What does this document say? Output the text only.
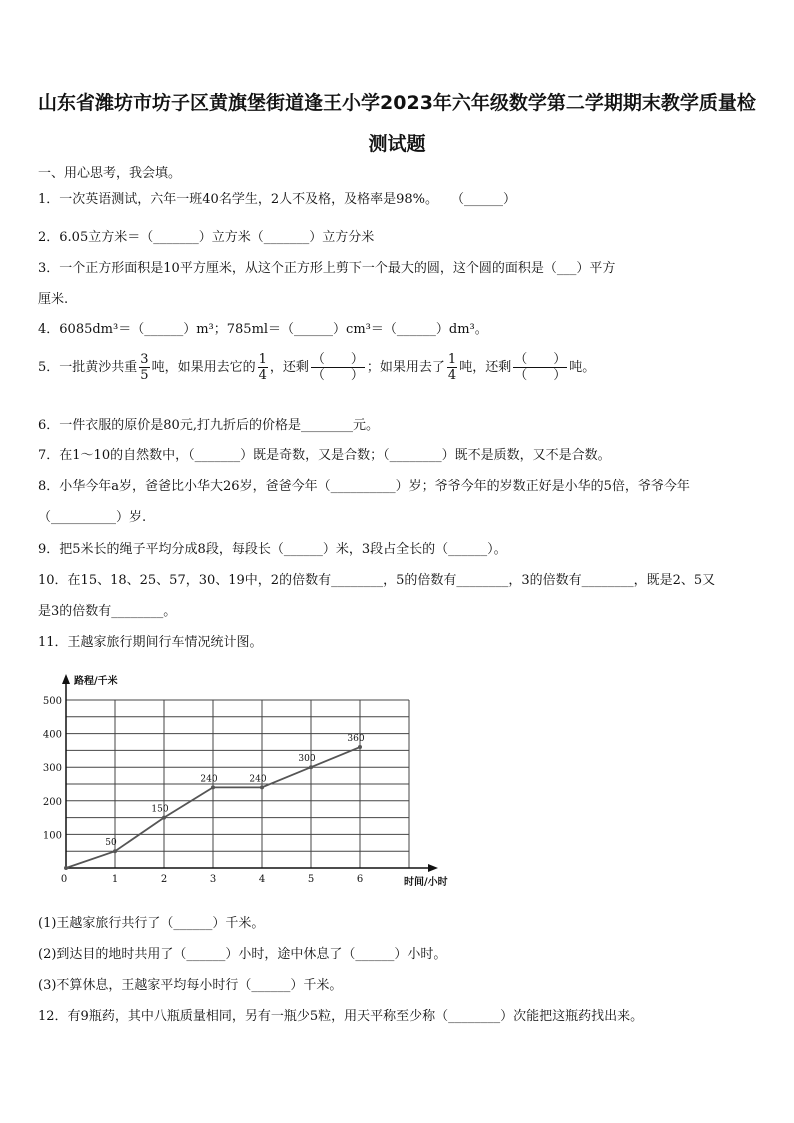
山东省潍坊市坊子区黄旗堡街道逢王小学2023年六年级数学第二学期期末教学质量检
测试题
一、用心思考，我会填。
1．一次英语测试，六年一班40名学生，2人不及格，及格率是98%。　　（______）
2．6.05立方米＝（_______）立方米（_______）立方分米
3．一个正方形面积是10平方厘米，从这个正方形上剪下一个最大的圆，这个圆的面积是（___）平方
厘米.
4．6085dm³＝（______）m³；785ml＝（______）cm³＝（______）dm³。
5．一批黄沙共重 $\frac{3}{5}$ 吨，如果用去它的 $\frac{1}{4}$ ，还剩 $\frac{( )}{( )}$ ；如果用去了 $\frac{1}{4}$ 吨，还剩 $\frac{( )}{( )}$ 吨。
6．一件衣服的原价是80元,打九折后的价格是________元。
7．在1～10的自然数中，（_______）既是奇数，又是合数；（________）既不是质数，又不是合数。
8．小华今年a岁，爸爸比小华大26岁，爸爸今年（__________）岁；爷爷今年的岁数正好是小华的5倍，爷爷今年
（__________）岁.
9．把5米长的绳子平均分成8段，每段长（______）米，3段占全长的（______）。
10．在15、18、25、57，30、19中，2的倍数有________，5的倍数有________，3的倍数有________，既是2、5又
是3的倍数有________。
11．王越家旅行期间行车情况统计图。
50
150
240	240
300
360
0	1	2	3	4	5	6
100
200
300
400
500
路程/千米
时间/小时
(1)王越家旅行共行了（______）千米。
(2)到达目的地时共用了（______）小时，途中休息了（______）小时。
(3)不算休息，王越家平均每小时行（______）千米。
12．有9瓶药，其中八瓶质量相同，另有一瓶少5粒，用天平称至少称（________）次能把这瓶药找出来。
